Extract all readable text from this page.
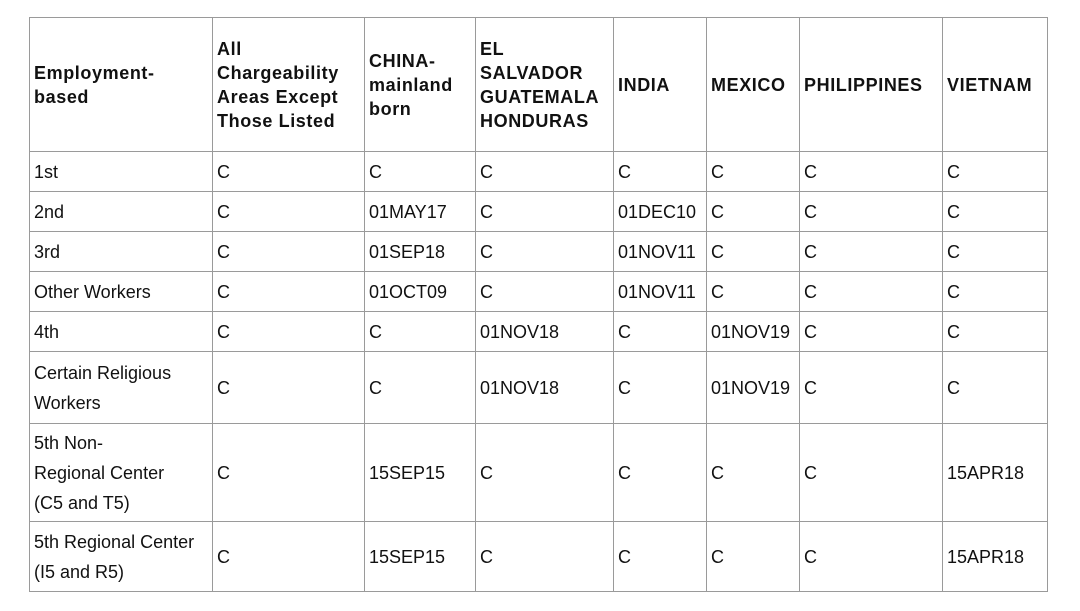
Employment-
based	All
Chargeability
Areas Except
Those Listed	CHINA-
mainland
born	EL
SALVADOR
GUATEMALA
HONDURAS	INDIA	MEXICO	PHILIPPINES	VIETNAM
1st	C	C	C	C	C	C	C
2nd	C	01MAY17	C	01DEC10	C	C	C
3rd	C	01SEP18	C	01NOV11	C	C	C
Other Workers	C	01OCT09	C	01NOV11	C	C	C
4th	C	C	01NOV18	C	01NOV19	C	C
Certain Religious
Workers	C	C	01NOV18	C	01NOV19	C	C
5th Non-
Regional Center
(C5 and T5)	C	15SEP15	C	C	C	C	15APR18
5th Regional Center
(I5 and R5)	C	15SEP15	C	C	C	C	15APR18
